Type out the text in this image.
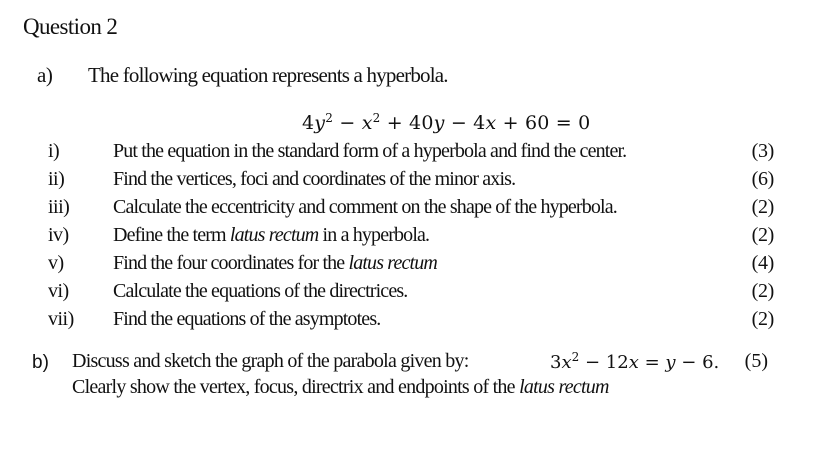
Question 2
a) The following equation represents a hyperbola.
$4y^2 - x^2 + 40y - 4x + 60 = 0$
i)	Put the equation in the standard form of a hyperbola and find the center.	(3)
ii) Find the vertices, foci and coordinates of the minor axis.	(6)
iii) Calculate the eccentricity and comment on the shape of the hyperbola.	(2)
iv) Define the term latus rectum in a hyperbola.	(2)
v) Find the four coordinates for the latus rectum	(4)
vi) Calculate the equations of the directrices.	(2)
vii) Find the equations of the asymptotes.	(2)
b) Discuss and sketch the graph of the parabola given by:	$3x^2 - 12x = y - 6$. (5)
Clearly show the vertex, focus, directrix and endpoints of the latus rectum
